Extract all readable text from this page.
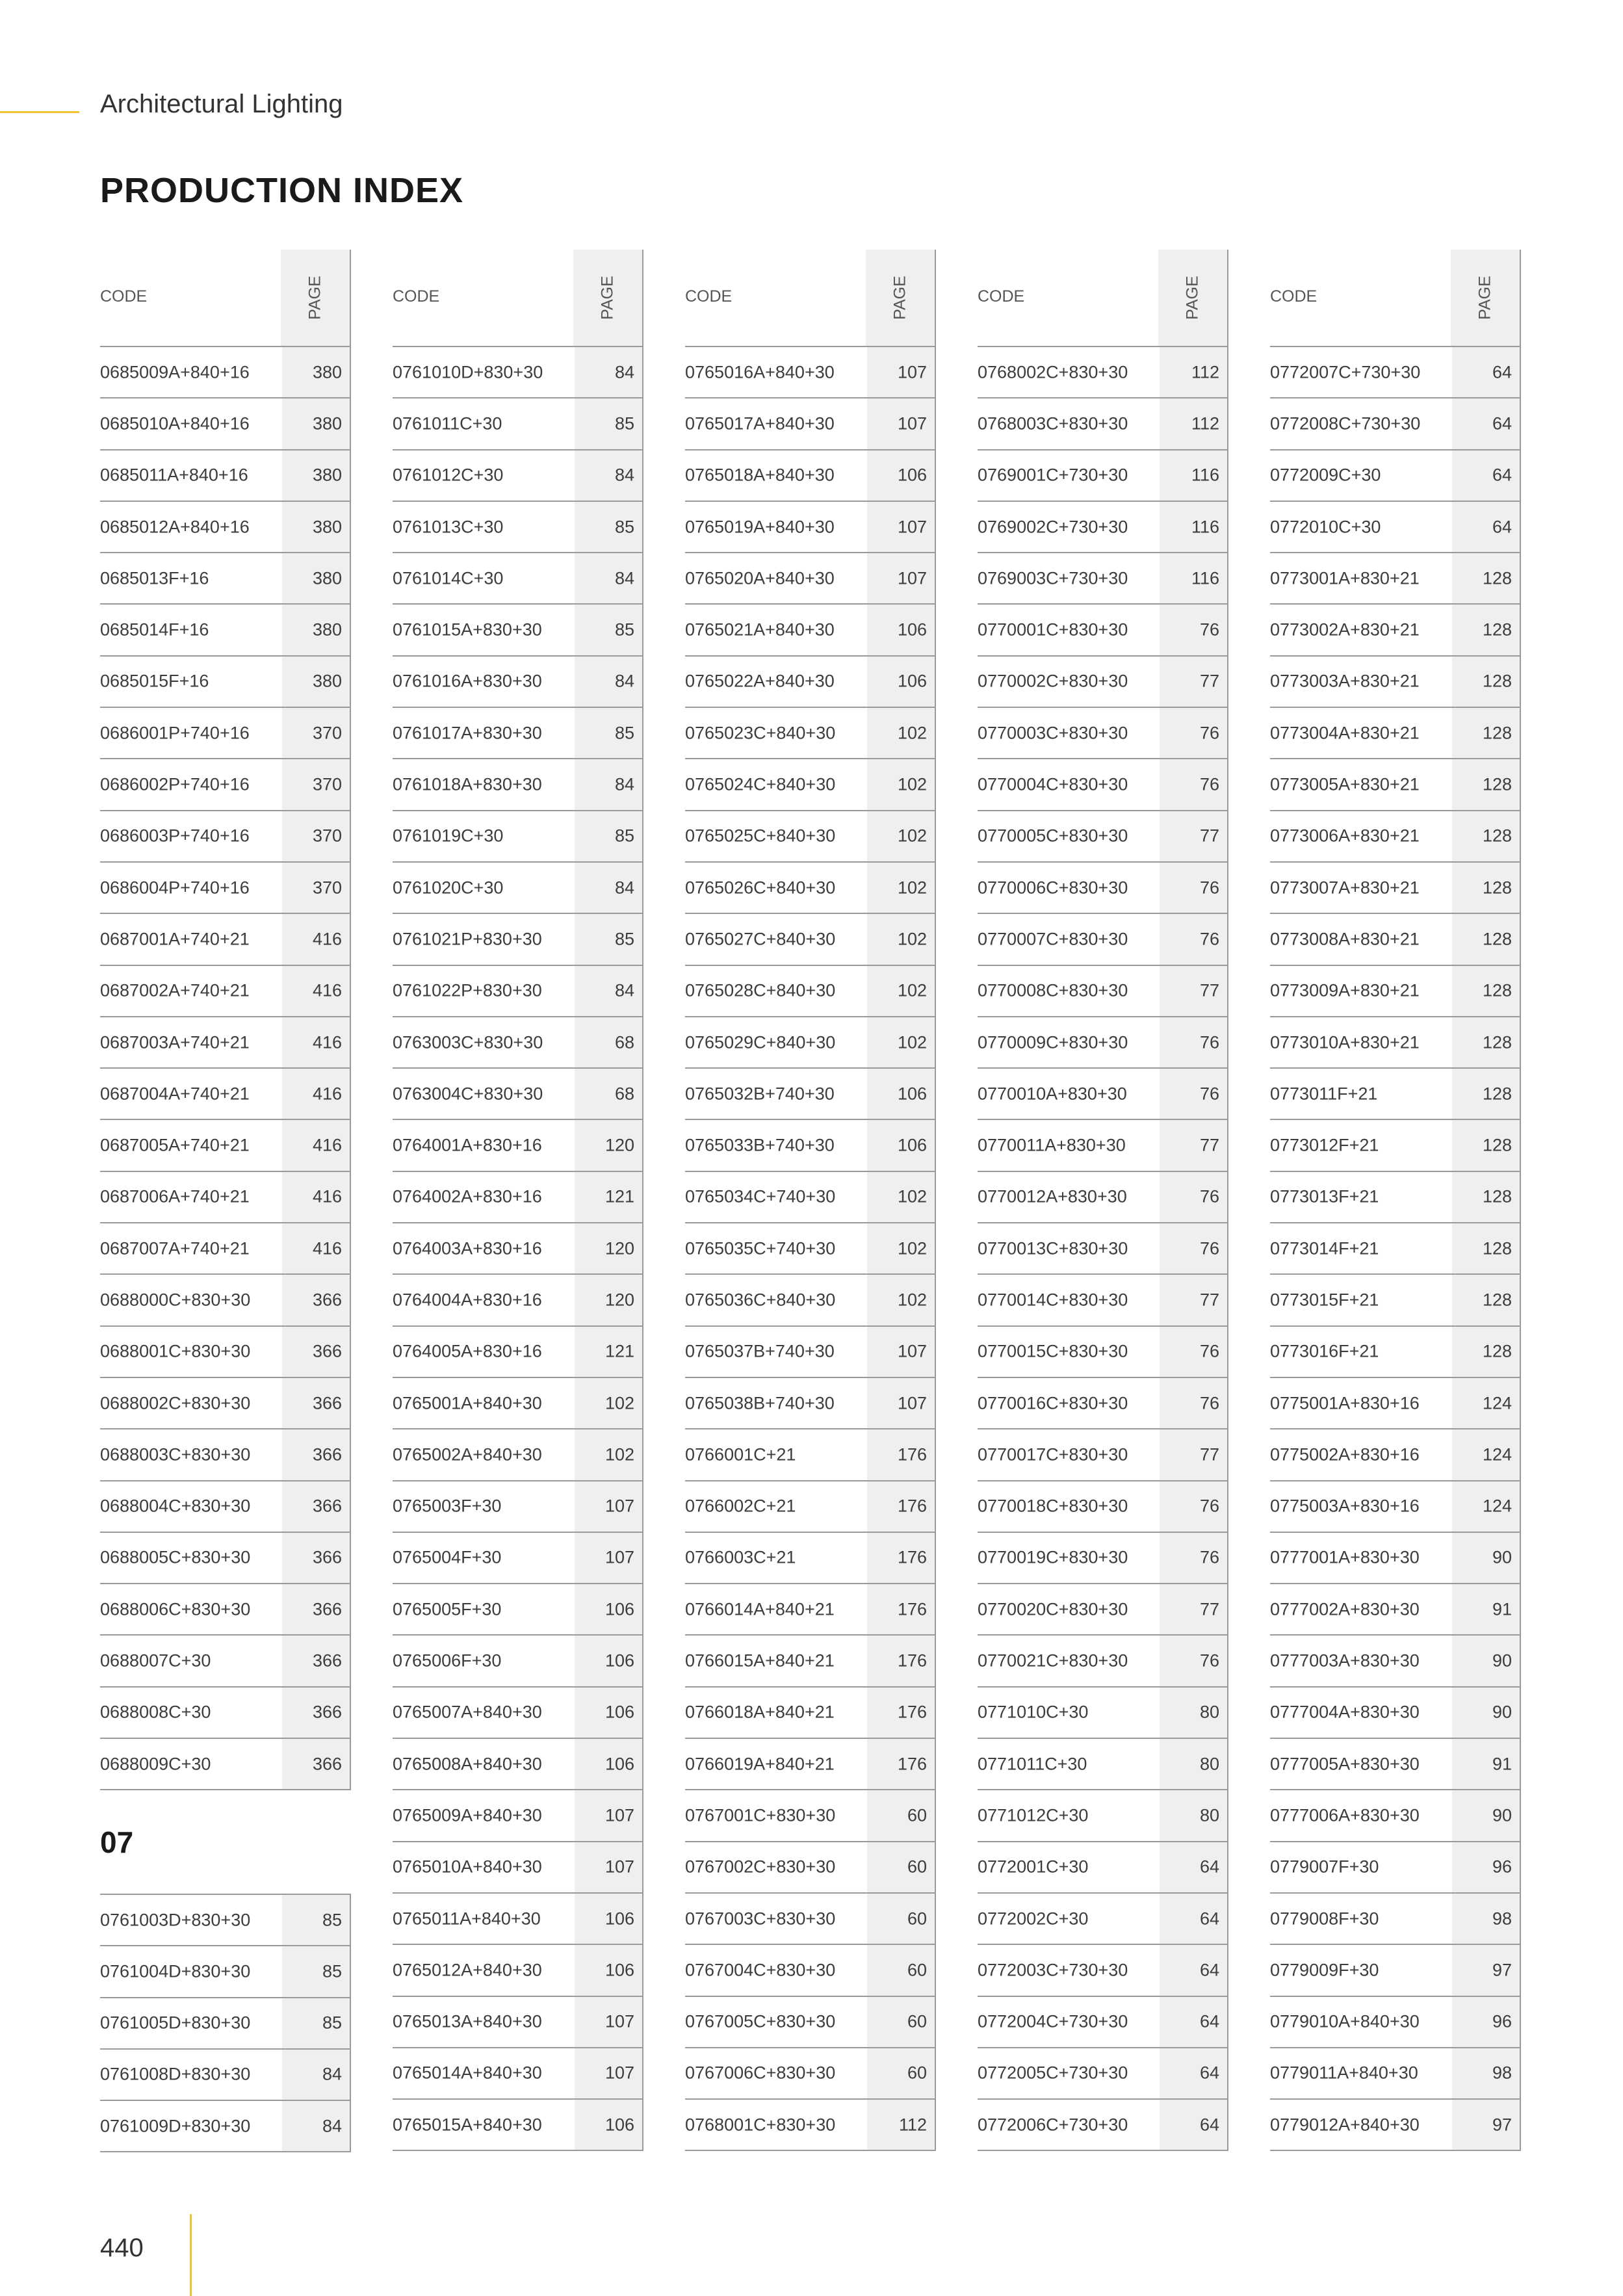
Architectural Lighting
PRODUCTION INDEX
CODE	PAGE
0685009A+840+16	380
0685010A+840+16	380
0685011A+840+16	380
0685012A+840+16	380
0685013F+16	380
0685014F+16	380
0685015F+16	380
0686001P+740+16	370
0686002P+740+16	370
0686003P+740+16	370
0686004P+740+16	370
0687001A+740+21	416
0687002A+740+21	416
0687003A+740+21	416
0687004A+740+21	416
0687005A+740+21	416
0687006A+740+21	416
0687007A+740+21	416
0688000C+830+30	366
0688001C+830+30	366
0688002C+830+30	366
0688003C+830+30	366
0688004C+830+30	366
0688005C+830+30	366
0688006C+830+30	366
0688007C+30	366
0688008C+30	366
0688009C+30	366
07
0761003D+830+30	85
0761004D+830+30	85
0761005D+830+30	85
0761008D+830+30	84
0761009D+830+30	84
CODE	PAGE
0761010D+830+30	84
0761011C+30	85
0761012C+30	84
0761013C+30	85
0761014C+30	84
0761015A+830+30	85
0761016A+830+30	84
0761017A+830+30	85
0761018A+830+30	84
0761019C+30	85
0761020C+30	84
0761021P+830+30	85
0761022P+830+30	84
0763003C+830+30	68
0763004C+830+30	68
0764001A+830+16	120
0764002A+830+16	121
0764003A+830+16	120
0764004A+830+16	120
0764005A+830+16	121
0765001A+840+30	102
0765002A+840+30	102
0765003F+30	107
0765004F+30	107
0765005F+30	106
0765006F+30	106
0765007A+840+30	106
0765008A+840+30	106
0765009A+840+30	107
0765010A+840+30	107
0765011A+840+30	106
0765012A+840+30	106
0765013A+840+30	107
0765014A+840+30	107
0765015A+840+30	106
CODE	PAGE
0765016A+840+30	107
0765017A+840+30	107
0765018A+840+30	106
0765019A+840+30	107
0765020A+840+30	107
0765021A+840+30	106
0765022A+840+30	106
0765023C+840+30	102
0765024C+840+30	102
0765025C+840+30	102
0765026C+840+30	102
0765027C+840+30	102
0765028C+840+30	102
0765029C+840+30	102
0765032B+740+30	106
0765033B+740+30	106
0765034C+740+30	102
0765035C+740+30	102
0765036C+840+30	102
0765037B+740+30	107
0765038B+740+30	107
0766001C+21	176
0766002C+21	176
0766003C+21	176
0766014A+840+21	176
0766015A+840+21	176
0766018A+840+21	176
0766019A+840+21	176
0767001C+830+30	60
0767002C+830+30	60
0767003C+830+30	60
0767004C+830+30	60
0767005C+830+30	60
0767006C+830+30	60
0768001C+830+30	112
CODE	PAGE
0768002C+830+30	112
0768003C+830+30	112
0769001C+730+30	116
0769002C+730+30	116
0769003C+730+30	116
0770001C+830+30	76
0770002C+830+30	77
0770003C+830+30	76
0770004C+830+30	76
0770005C+830+30	77
0770006C+830+30	76
0770007C+830+30	76
0770008C+830+30	77
0770009C+830+30	76
0770010A+830+30	76
0770011A+830+30	77
0770012A+830+30	76
0770013C+830+30	76
0770014C+830+30	77
0770015C+830+30	76
0770016C+830+30	76
0770017C+830+30	77
0770018C+830+30	76
0770019C+830+30	76
0770020C+830+30	77
0770021C+830+30	76
0771010C+30	80
0771011C+30	80
0771012C+30	80
0772001C+30	64
0772002C+30	64
0772003C+730+30	64
0772004C+730+30	64
0772005C+730+30	64
0772006C+730+30	64
CODE	PAGE
0772007C+730+30	64
0772008C+730+30	64
0772009C+30	64
0772010C+30	64
0773001A+830+21	128
0773002A+830+21	128
0773003A+830+21	128
0773004A+830+21	128
0773005A+830+21	128
0773006A+830+21	128
0773007A+830+21	128
0773008A+830+21	128
0773009A+830+21	128
0773010A+830+21	128
0773011F+21	128
0773012F+21	128
0773013F+21	128
0773014F+21	128
0773015F+21	128
0773016F+21	128
0775001A+830+16	124
0775002A+830+16	124
0775003A+830+16	124
0777001A+830+30	90
0777002A+830+30	91
0777003A+830+30	90
0777004A+830+30	90
0777005A+830+30	91
0777006A+830+30	90
0779007F+30	96
0779008F+30	98
0779009F+30	97
0779010A+840+30	96
0779011A+840+30	98
0779012A+840+30	97
440
